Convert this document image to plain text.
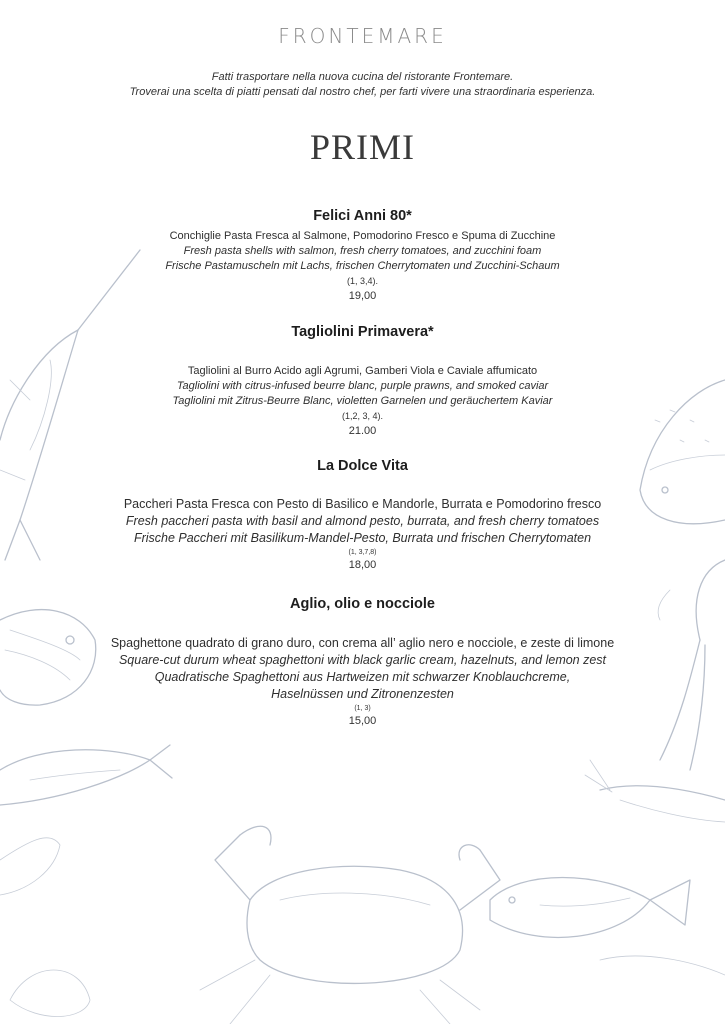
FRONTEMARE
Fatti trasportare nella nuova cucina del ristorante Frontemare.
Troverai una scelta di piatti pensati dal nostro chef, per farti vivere una straordinaria esperienza.
PRIMI
Felici Anni 80*
Conchiglie Pasta Fresca al Salmone, Pomodorino Fresco e Spuma di Zucchine
Fresh pasta shells with salmon, fresh cherry tomatoes, and zucchini foam
Frische Pastamuscheln mit Lachs, frischen Cherrytomaten und Zucchini-Schaum
(1, 3,4).
19,00
Tagliolini Primavera*
Tagliolini al Burro Acido agli Agrumi, Gamberi Viola e Caviale affumicato
Tagliolini with citrus-infused beurre blanc, purple prawns, and smoked caviar
Tagliolini mit Zitrus-Beurre Blanc, violetten Garnelen und geräuchertem Kaviar
(1,2, 3, 4).
21.00
La Dolce Vita
Paccheri Pasta Fresca con Pesto di Basilico e Mandorle, Burrata e Pomodorino fresco
Fresh paccheri pasta with basil and almond pesto, burrata, and fresh cherry tomatoes
Frische Paccheri mit Basilikum-Mandel-Pesto, Burrata und frischen Cherrytomaten
(1, 3,7,8)
18,00
Aglio, olio e nocciole
Spaghettone quadrato di grano duro, con crema all’ aglio nero e nocciole, e zeste di limone
Square-cut durum wheat spaghettoni with black garlic cream, hazelnuts, and lemon zest
Quadratische Spaghettoni aus Hartweizen mit schwarzer Knoblauchcreme,
Haselnüssen und Zitronenzesten
(1, 3)
15,00
